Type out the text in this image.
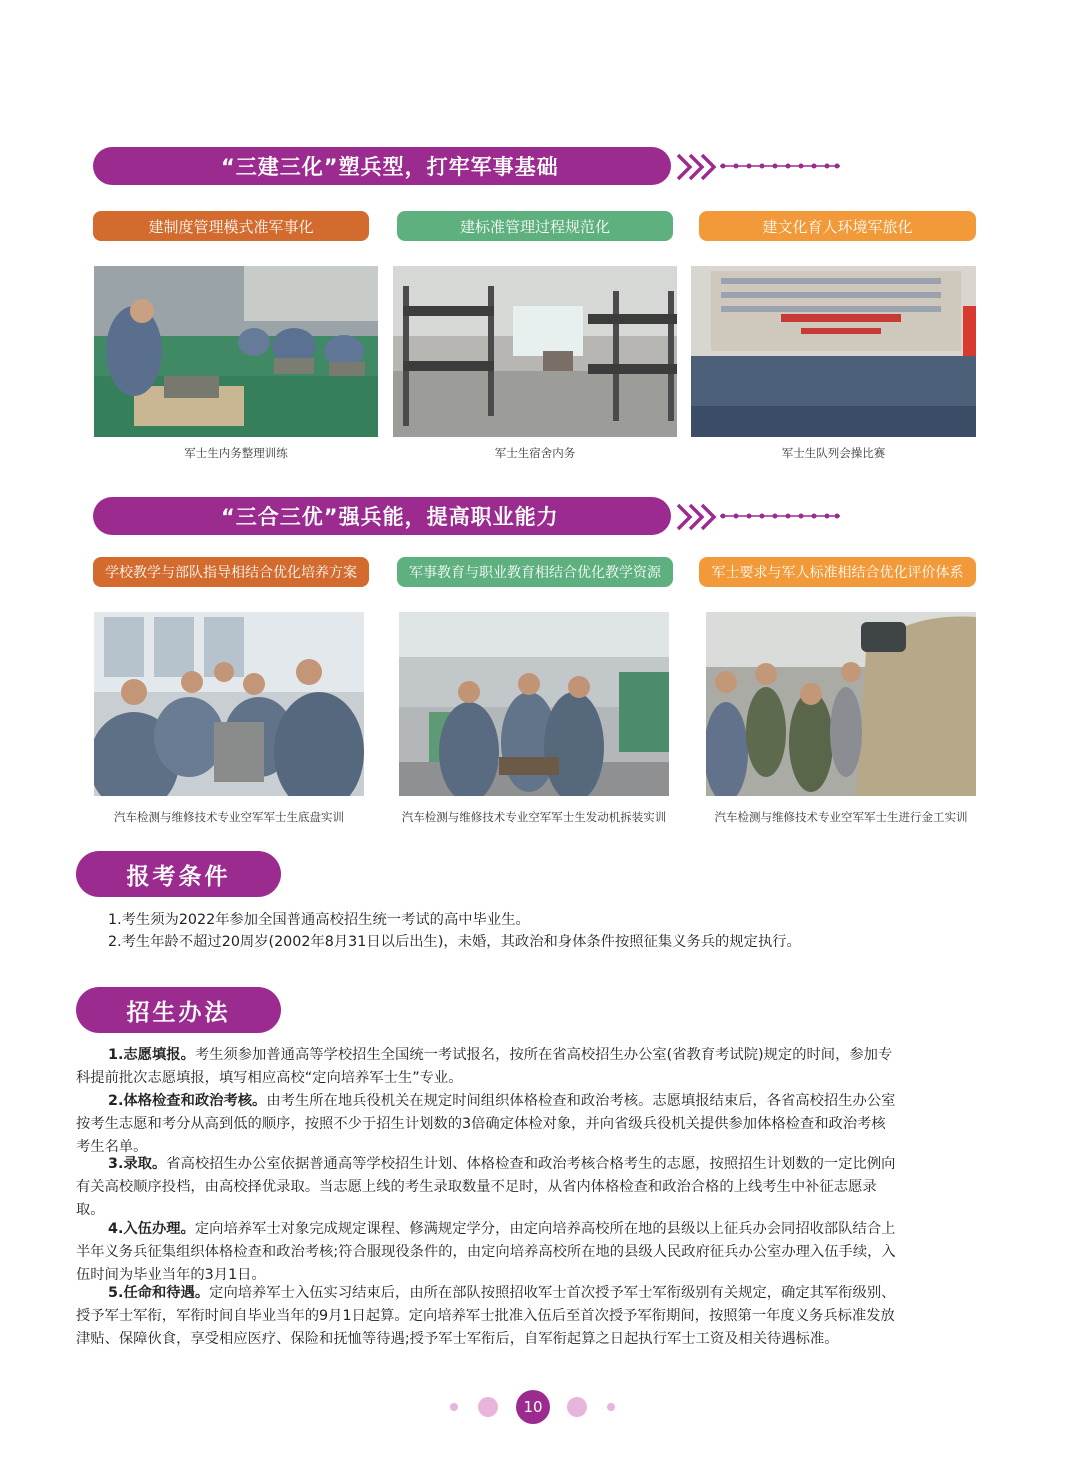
“三建三化”塑兵型，打牢军事基础
建制度管理模式准军事化	建标准管理过程规范化	建文化育人环境军旅化
军士生内务整理训练	军士生宿舍内务	军士生队列会操比赛
“三合三优”强兵能，提高职业能力
学校教学与部队指导相结合优化培养方案	军事教育与职业教育相结合优化教学资源	军士要求与军人标准相结合优化评价体系
汽车检测与维修技术专业空军军士生底盘实训	汽车检测与维修技术专业空军军士生发动机拆装实训	汽车检测与维修技术专业空军军士生进行金工实训
报考条件
1.考生须为2022年参加全国普通高校招生统一考试的高中毕业生。
2.考生年龄不超过20周岁(2002年8月31日以后出生)，未婚，其政治和身体条件按照征集义务兵的规定执行。
招生办法
1.志愿填报。考生须参加普通高等学校招生全国统一考试报名，按所在省高校招生办公室(省教育考试院)规定的时间，参加专
科提前批次志愿填报，填写相应高校“定向培养军士生”专业。
2.体格检查和政治考核。由考生所在地兵役机关在规定时间组织体格检查和政治考核。志愿填报结束后，各省高校招生办公室
按考生志愿和考分从高到低的顺序，按照不少于招生计划数的3倍确定体检对象，并向省级兵役机关提供参加体格检查和政治考核
考生名单。
3.录取。省高校招生办公室依据普通高等学校招生计划、体格检查和政治考核合格考生的志愿，按照招生计划数的一定比例向
有关高校顺序投档，由高校择优录取。当志愿上线的考生录取数量不足时，从省内体格检查和政治合格的上线考生中补征志愿录
取。
4.入伍办理。定向培养军士对象完成规定课程、修满规定学分，由定向培养高校所在地的县级以上征兵办会同招收部队结合上
半年义务兵征集组织体格检查和政治考核;符合服现役条件的，由定向培养高校所在地的县级人民政府征兵办公室办理入伍手续，入
伍时间为毕业当年的3月1日。
5.任命和待遇。定向培养军士入伍实习结束后，由所在部队按照招收军士首次授予军士军衔级别有关规定，确定其军衔级别、
授予军士军衔，军衔时间自毕业当年的9月1日起算。定向培养军士批准入伍后至首次授予军衔期间，按照第一年度义务兵标准发放
津贴、保障伙食，享受相应医疗、保险和抚恤等待遇;授予军士军衔后，自军衔起算之日起执行军士工资及相关待遇标准。
10
